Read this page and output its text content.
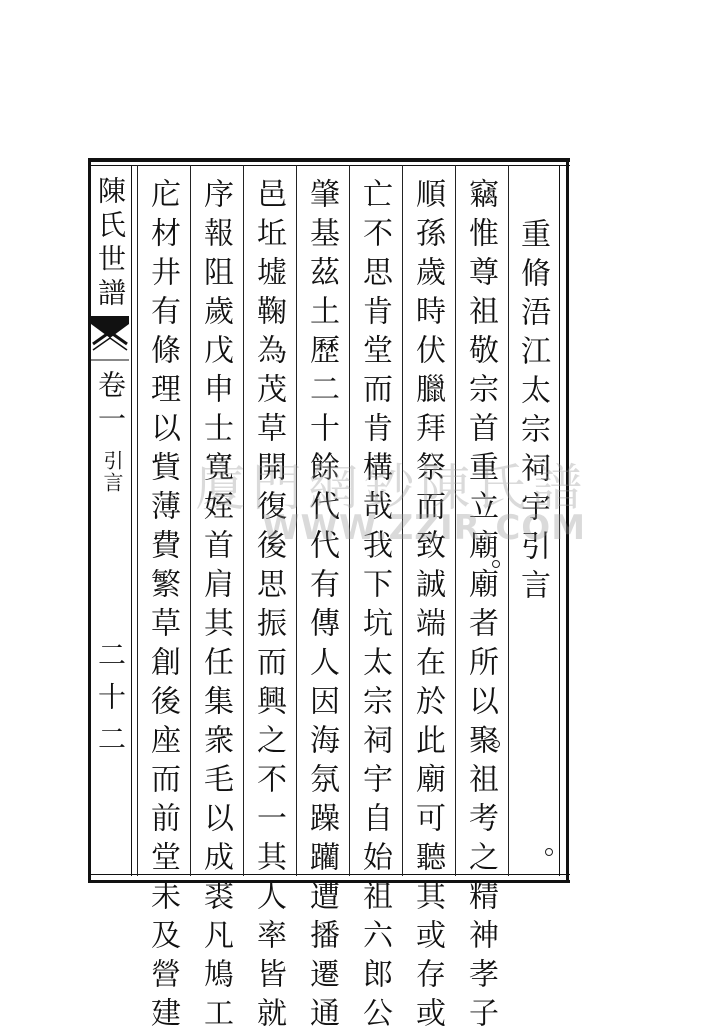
陳氏世譜
卷一
引言
二十二
重脩浯江太宗祠宇引言
竊惟尊祖敬宗首重立廟廟者所以聚祖考之精神孝子
順孫歲時伏臘拜祭而致誠端在於此廟可聽其或存或
亡不思肯堂而肯構哉我下坑太宗祠宇自始祖六郎公
肇基茲土歷二十餘代代有傳人因海氛躁躪遭播遷通
邑坵墟鞠為茂草開復後思振而興之不一其人率皆就
序報阻歲戊申士寬姪首肩其任集衆毛以成裘凡鳩工
庀材井有條理以貲薄費繁草創後座而前堂未及營建 廈門網鈔陳氏譜
WWW.ZZIR.COM
